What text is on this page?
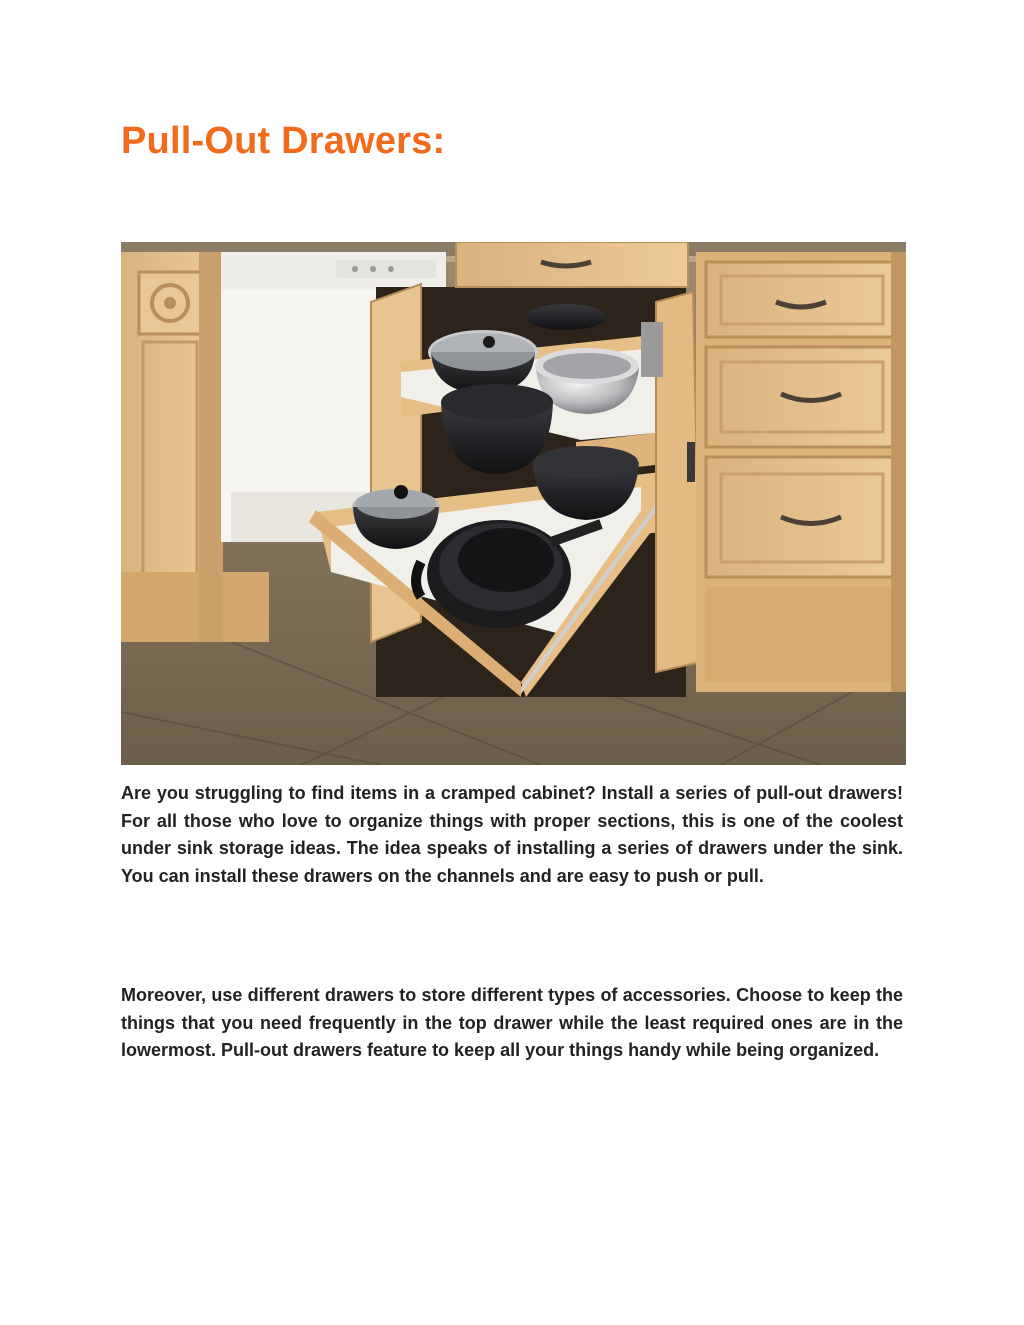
Pull-Out Drawers:

Are you struggling to find items in a cramped cabinet? Install a series of pull-out drawers! For all those who love to organize things with proper sections, this is one of the coolest under sink storage ideas. The idea speaks of installing a series of drawers under the sink. You can install these drawers on the channels and are easy to push or pull.

Moreover, use different drawers to store different types of accessories. Choose to keep the things that you need frequently in the top drawer while the least required ones are in the lowermost. Pull-out drawers feature to keep all your things handy while being organized.
